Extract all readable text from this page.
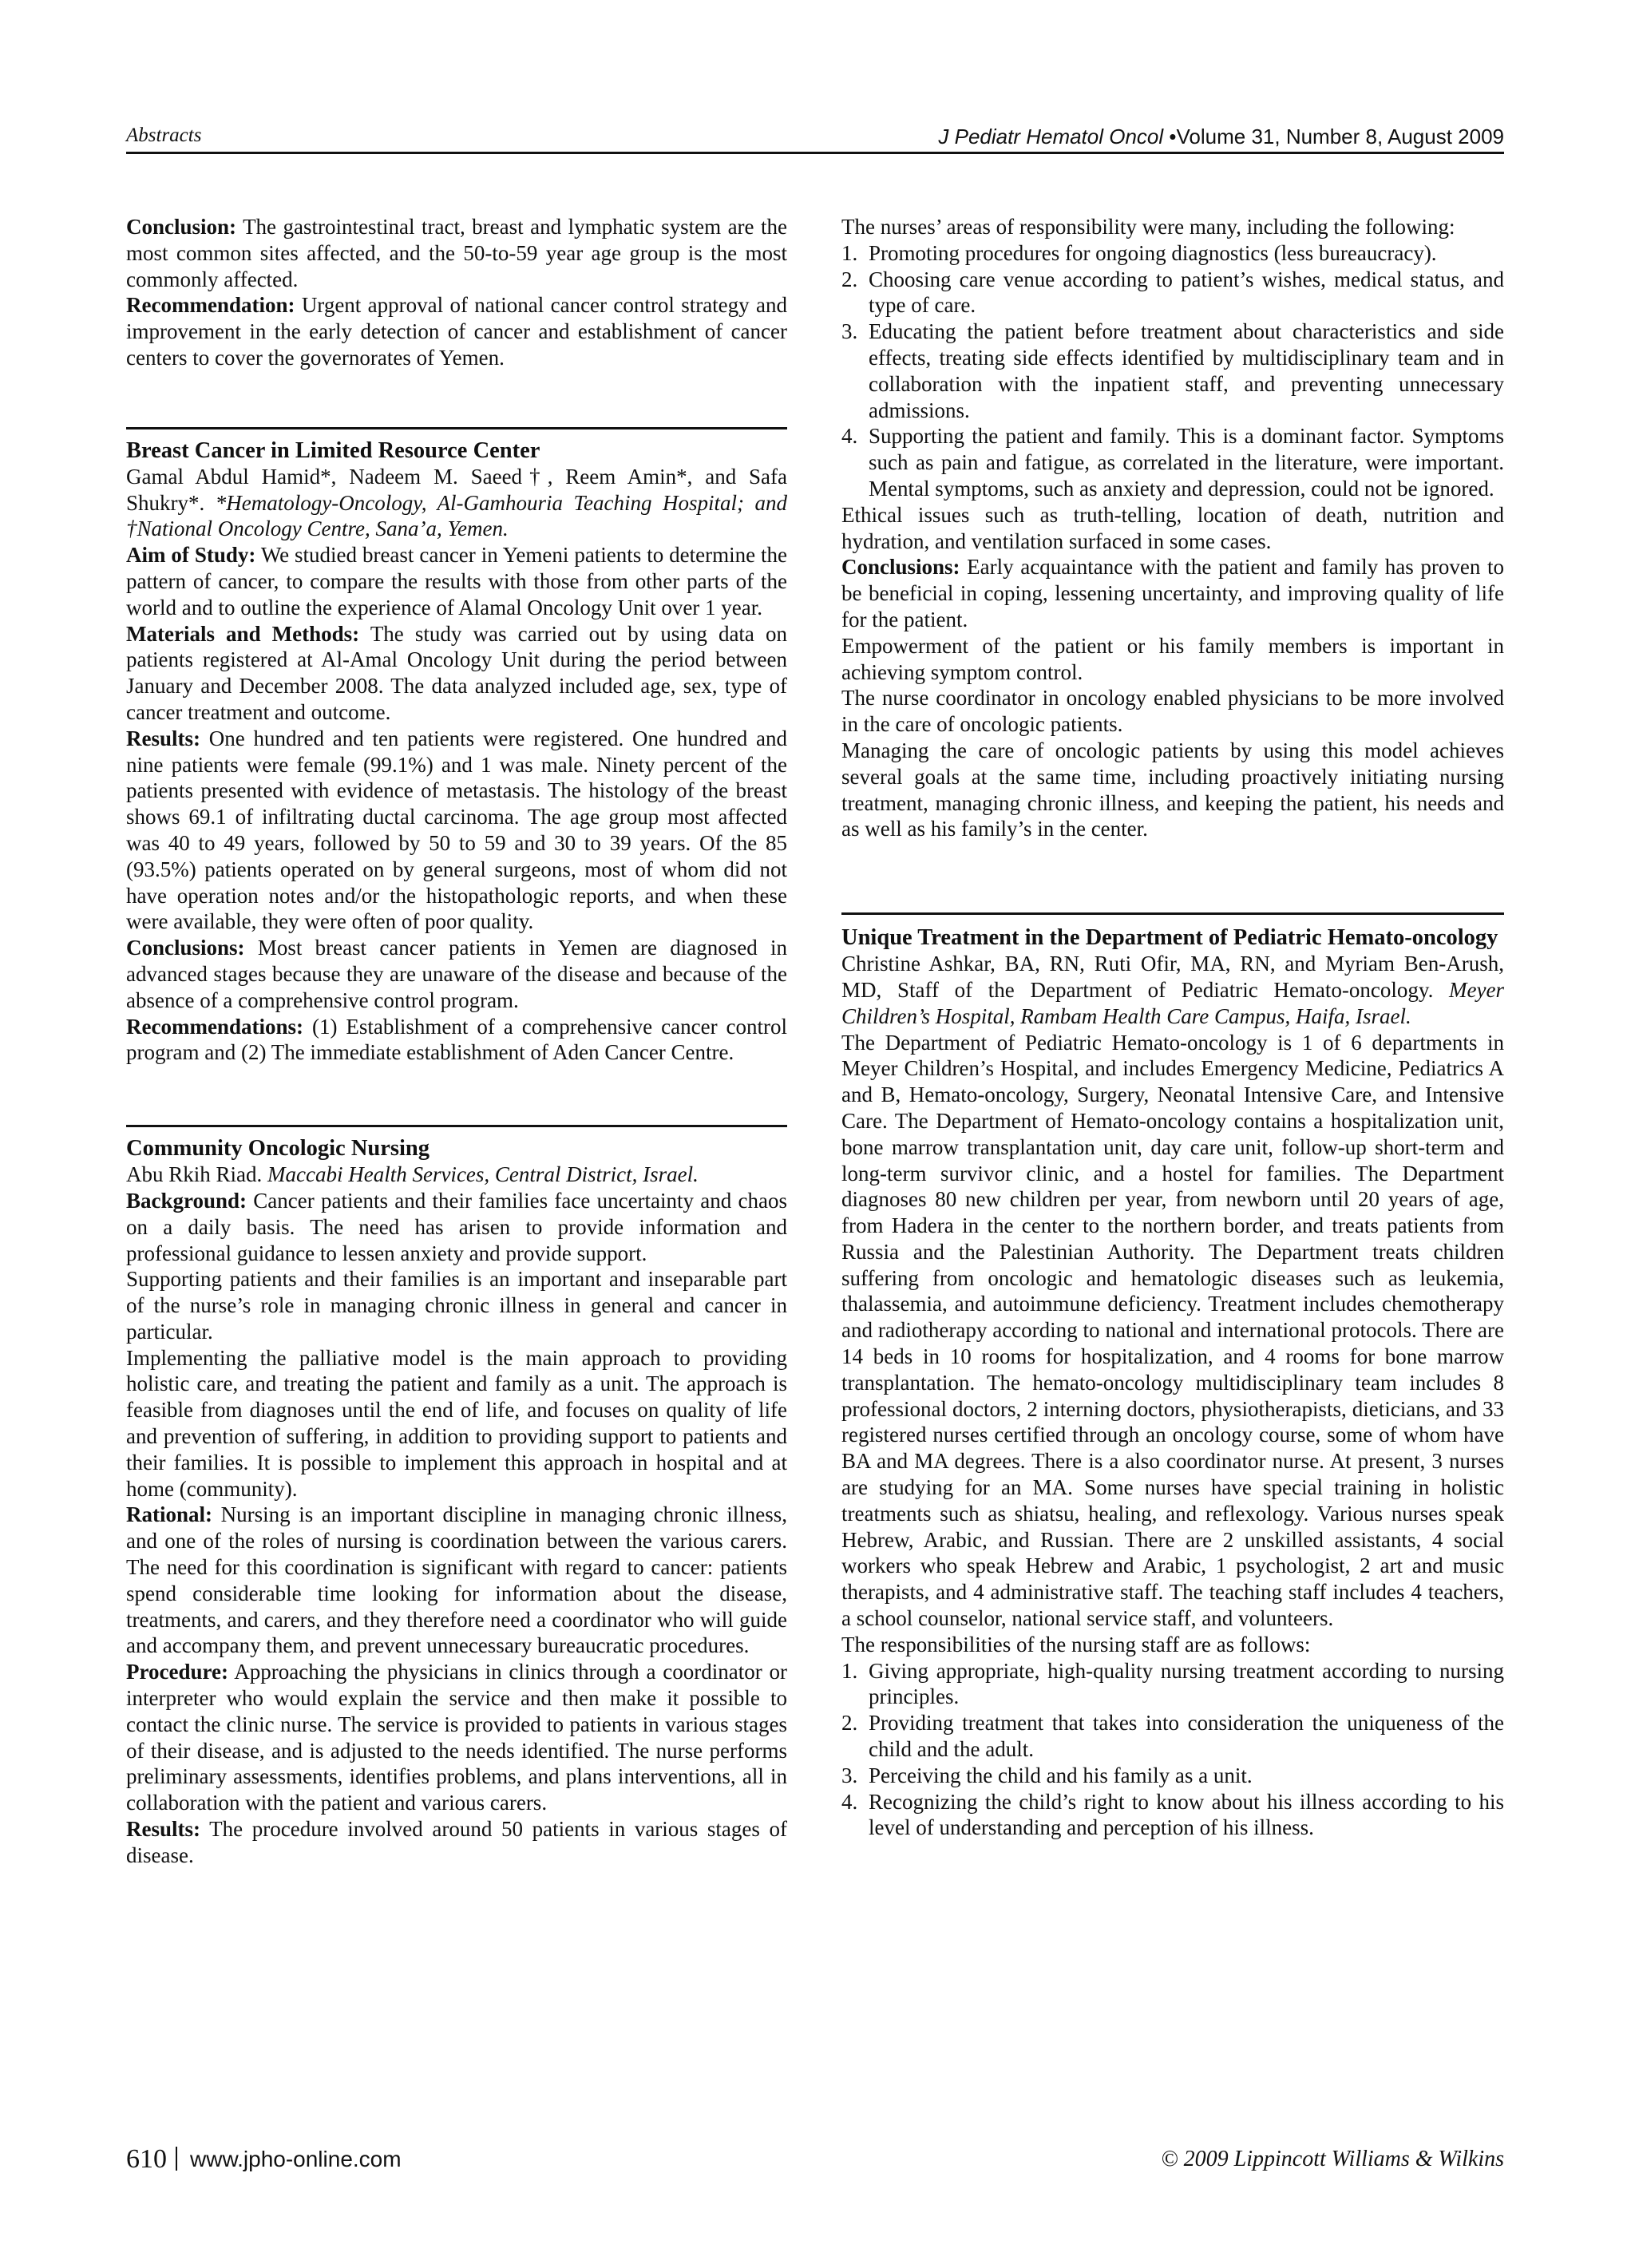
Abstracts	J Pediatr Hematol Oncol •Volume 31, Number 8, August 2009

Conclusion: The gastrointestinal tract, breast and lymphatic system are the most common sites affected, and the 50-to-59 year age group is the most commonly affected.

Recommendation: Urgent approval of national cancer control strategy and improvement in the early detection of cancer and establishment of cancer centers to cover the governorates of Yemen.

Breast Cancer in Limited Resource Center

Gamal Abdul Hamid*, Nadeem M. Saeed†, Reem Amin*, and Safa Shukry*. *Hematology-Oncology, Al-Gamhouria Teaching Hospital; and †National Oncology Centre, Sana’a, Yemen.

Aim of Study: We studied breast cancer in Yemeni patients to determine the pattern of cancer, to compare the results with those from other parts of the world and to outline the experience of Alamal Oncology Unit over 1 year.

Materials and Methods: The study was carried out by using data on patients registered at Al-Amal Oncology Unit during the period between January and December 2008. The data analyzed included age, sex, type of cancer treatment and outcome.

Results: One hundred and ten patients were registered. One hundred and nine patients were female (99.1%) and 1 was male. Ninety percent of the patients presented with evidence of metastasis. The histology of the breast shows 69.1 of infiltrating ductal carcinoma. The age group most affected was 40 to 49 years, followed by 50 to 59 and 30 to 39 years. Of the 85 (93.5%) patients operated on by general surgeons, most of whom did not have operation notes and/or the histopathologic reports, and when these were available, they were often of poor quality.

Conclusions: Most breast cancer patients in Yemen are diagnosed in advanced stages because they are unaware of the disease and because of the absence of a comprehensive control program.

Recommendations: (1) Establishment of a comprehensive cancer control program and (2) The immediate establishment of Aden Cancer Centre.

Community Oncologic Nursing

Abu Rkih Riad. Maccabi Health Services, Central District, Israel.

Background: Cancer patients and their families face uncertainty and chaos on a daily basis. The need has arisen to provide information and professional guidance to lessen anxiety and provide support.

Supporting patients and their families is an important and inseparable part of the nurse’s role in managing chronic illness in general and cancer in particular.

Implementing the palliative model is the main approach to providing holistic care, and treating the patient and family as a unit. The approach is feasible from diagnoses until the end of life, and focuses on quality of life and prevention of suffering, in addition to providing support to patients and their families. It is possible to implement this approach in hospital and at home (community).

Rational: Nursing is an important discipline in managing chronic illness, and one of the roles of nursing is coordination between the various carers. The need for this coordination is significant with regard to cancer: patients spend considerable time looking for information about the disease, treatments, and carers, and they therefore need a coordinator who will guide and accompany them, and prevent unnecessary bureaucratic procedures.

Procedure: Approaching the physicians in clinics through a coordinator or interpreter who would explain the service and then make it possible to contact the clinic nurse. The service is provided to patients in various stages of their disease, and is adjusted to the needs identified. The nurse performs preliminary assessments, identifies problems, and plans interventions, all in collaboration with the patient and various carers.

Results: The procedure involved around 50 patients in various stages of disease.

The nurses’ areas of responsibility were many, including the following:

1. Promoting procedures for ongoing diagnostics (less bureaucracy).
2. Choosing care venue according to patient’s wishes, medical status, and type of care.
3. Educating the patient before treatment about characteristics and side effects, treating side effects identified by multidisciplinary team and in collaboration with the inpatient staff, and preventing unnecessary admissions.
4. Supporting the patient and family. This is a dominant factor. Symptoms such as pain and fatigue, as correlated in the literature, were important. Mental symptoms, such as anxiety and depression, could not be ignored.

Ethical issues such as truth-telling, location of death, nutrition and hydration, and ventilation surfaced in some cases.

Conclusions: Early acquaintance with the patient and family has proven to be beneficial in coping, lessening uncertainty, and improving quality of life for the patient.

Empowerment of the patient or his family members is important in achieving symptom control.

The nurse coordinator in oncology enabled physicians to be more involved in the care of oncologic patients.

Managing the care of oncologic patients by using this model achieves several goals at the same time, including proactively initiating nursing treatment, managing chronic illness, and keeping the patient, his needs and as well as his family’s in the center.

Unique Treatment in the Department of Pediatric Hemato-oncology

Christine Ashkar, BA, RN, Ruti Ofir, MA, RN, and Myriam Ben-Arush, MD, Staff of the Department of Pediatric Hemato-oncology. Meyer Children’s Hospital, Rambam Health Care Campus, Haifa, Israel.

The Department of Pediatric Hemato-oncology is 1 of 6 departments in Meyer Children’s Hospital, and includes Emergency Medicine, Pediatrics A and B, Hemato-oncology, Surgery, Neonatal Intensive Care, and Intensive Care. The Department of Hemato-oncology contains a hospitalization unit, bone marrow transplantation unit, day care unit, follow-up short-term and long-term survivor clinic, and a hostel for families. The Department diagnoses 80 new children per year, from newborn until 20 years of age, from Hadera in the center to the northern border, and treats patients from Russia and the Palestinian Authority. The Department treats children suffering from oncologic and hematologic diseases such as leukemia, thalassemia, and autoimmune deficiency. Treatment includes chemotherapy and radiotherapy according to national and international protocols. There are 14 beds in 10 rooms for hospitalization, and 4 rooms for bone marrow transplantation. The hemato-oncology multidisciplinary team includes 8 professional doctors, 2 interning doctors, physiotherapists, dieticians, and 33 registered nurses certified through an oncology course, some of whom have BA and MA degrees. There is a also coordinator nurse. At present, 3 nurses are studying for an MA. Some nurses have special training in holistic treatments such as shiatsu, healing, and reflexology. Various nurses speak Hebrew, Arabic, and Russian. There are 2 unskilled assistants, 4 social workers who speak Hebrew and Arabic, 1 psychologist, 2 art and music therapists, and 4 administrative staff. The teaching staff includes 4 teachers, a school counselor, national service staff, and volunteers.

The responsibilities of the nursing staff are as follows:

1. Giving appropriate, high-quality nursing treatment according to nursing principles.
2. Providing treatment that takes into consideration the uniqueness of the child and the adult.
3. Perceiving the child and his family as a unit.
4. Recognizing the child’s right to know about his illness according to his level of understanding and perception of his illness.
610 www.jpho-online.com	© 2009 Lippincott Williams & Wilkins
